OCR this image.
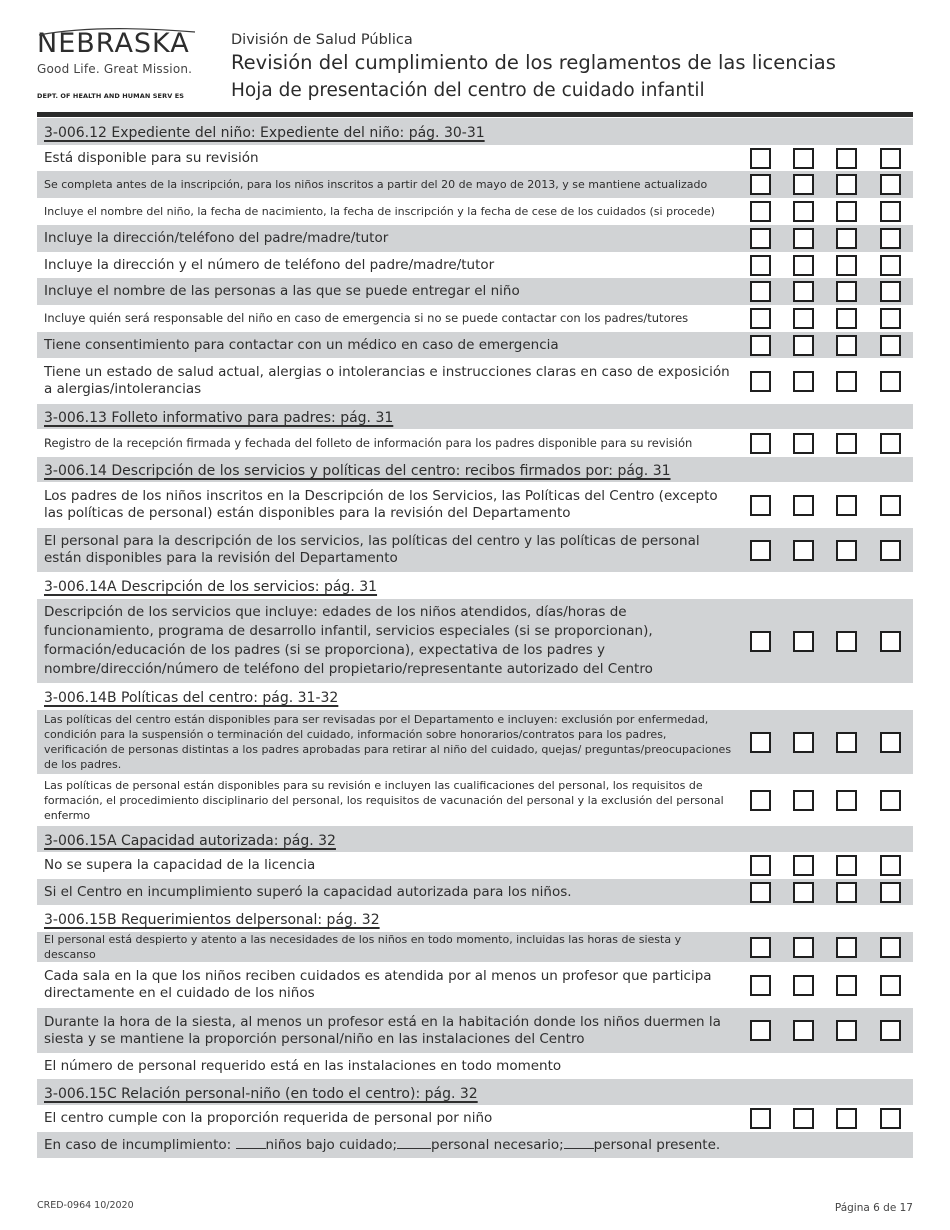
NEBRASKA
Good Life. Great Mission.
DEPT. OF HEALTH AND HUMAN SERV ES
División de Salud Pública
Revisión del cumplimiento de los reglamentos de las licencias
Hoja de presentación del centro de cuidado infantil
3-006.12 Expediente del niño: Expediente del niño: pág. 30-31				
Está disponible para su revisión				
Se completa antes de la inscripción, para los niños inscritos a partir del 20 de mayo de 2013, y se mantiene actualizado				
Incluye el nombre del niño, la fecha de nacimiento, la fecha de inscripción y la fecha de cese de los cuidados (si procede)				
Incluye la dirección/teléfono del padre/madre/tutor				
Incluye la dirección y el número de teléfono del padre/madre/tutor				
Incluye el nombre de las personas a las que se puede entregar el niño				
Incluye quién será responsable del niño en caso de emergencia si no se puede contactar con los padres/tutores				
Tiene consentimiento para contactar con un médico en caso de emergencia				
Tiene un estado de salud actual, alergias o intolerancias e instrucciones claras en caso de exposición a alergias/intolerancias				
3-006.13 Folleto informativo para padres: pág. 31				
Registro de la recepción firmada y fechada del folleto de información para los padres disponible para su revisión				
3-006.14 Descripción de los servicios y políticas del centro: recibos firmados por: pág. 31				
Los padres de los niños inscritos en la Descripción de los Servicios, las Políticas del Centro (excepto las políticas de personal) están disponibles para la revisión del Departamento				
El personal para la descripción de los servicios, las políticas del centro y las políticas de personal están disponibles para la revisión del Departamento				
3-006.14A Descripción de los servicios: pág. 31				
Descripción de los servicios que incluye: edades de los niños atendidos, días/horas de funcionamiento, programa de desarrollo infantil, servicios especiales (si se proporcionan), formación/educación de los padres (si se proporciona), expectativa de los padres y nombre/dirección/número de teléfono del propietario/representante autorizado del Centro				
3-006.14B Políticas del centro: pág. 31-32				
Las políticas del centro están disponibles para ser revisadas por el Departamento e incluyen: exclusión por enfermedad, condición para la suspensión o terminación del cuidado, información sobre honorarios/contratos para los padres, verificación de personas distintas a los padres aprobadas para retirar al niño del cuidado, quejas/ preguntas/preocupaciones de los padres.				
Las políticas de personal están disponibles para su revisión e incluyen las cualificaciones del personal, los requisitos de formación, el procedimiento disciplinario del personal, los requisitos de vacunación del personal y la exclusión del personal enfermo				
3-006.15A Capacidad autorizada: pág. 32				
No se supera la capacidad de la licencia				
Si el Centro en incumplimiento superó la capacidad autorizada para los niños.				
3-006.15B Requerimientos delpersonal: pág. 32				
El personal está despierto y atento a las necesidades de los niños en todo momento, incluidas las horas de siesta y descanso				
Cada sala en la que los niños reciben cuidados es atendida por al menos un profesor que participa directamente en el cuidado de los niños				
Durante la hora de la siesta, al menos un profesor está en la habitación donde los niños duermen la siesta y se mantiene la proporción personal/niño en las instalaciones del Centro				
El número de personal requerido está en las instalaciones en todo momento				
3-006.15C Relación personal-niño (en todo el centro): pág. 32				
El centro cumple con la proporción requerida de personal por niño				
En caso de incumplimiento: niños bajo cuidado; personal necesario; personal presente.				
CRED-0964 10/2020	Página 6 de 17
